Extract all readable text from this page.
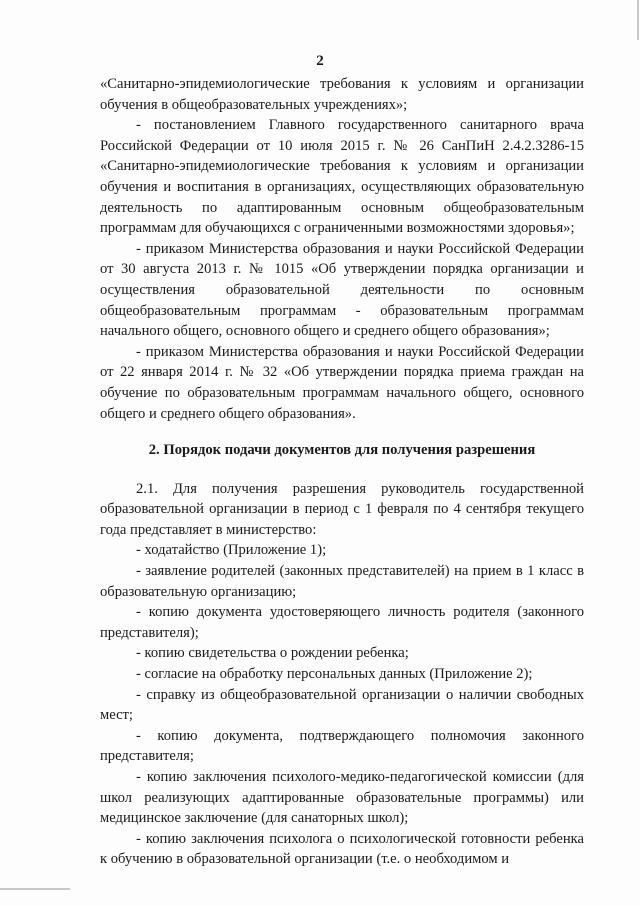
2

«Санитарно-эпидемиологические требования к условиям и организации обучения в общеобразовательных учреждениях»;

- постановлением Главного государственного санитарного врача Российской Федерации от 10 июля 2015 г. № 26 СанПиН 2.4.2.3286-15 «Санитарно-эпидемиологические требования к условиям и организации обучения и воспитания в организациях, осуществляющих образовательную деятельность по адаптированным основным общеобразовательным программам для обучающихся с ограниченными возможностями здоровья»;

- приказом Министерства образования и науки Российской Федерации от 30 августа 2013 г. № 1015 «Об утверждении порядка организации и осуществления образовательной деятельности по основным общеобразовательным программам - образовательным программам начального общего, основного общего и среднего общего образования»;

- приказом Министерства образования и науки Российской Федерации от 22 января 2014 г. № 32 «Об утверждении порядка приема граждан на обучение по образовательным программам начального общего, основного общего и среднего общего образования».

2. Порядок подачи документов для получения разрешения

2.1. Для получения разрешения руководитель государственной образовательной организации в период с 1 февраля по 4 сентября текущего года представляет в министерство:

- ходатайство (Приложение 1);

- заявление родителей (законных представителей) на прием в 1 класс в образовательную организацию;

- копию документа удостоверяющего личность родителя (законного представителя);

- копию свидетельства о рождении ребенка;

- согласие на обработку персональных данных (Приложение 2);

- справку из общеобразовательной организации о наличии свободных мест;

- копию документа, подтверждающего полномочия законного представителя;

- копию заключения психолого-медико-педагогической комиссии (для школ реализующих адаптированные образовательные программы) или медицинское заключение (для санаторных школ);

- копию заключения психолога о психологической готовности ребенка к обучению в образовательной организации (т.е. о необходимом и
